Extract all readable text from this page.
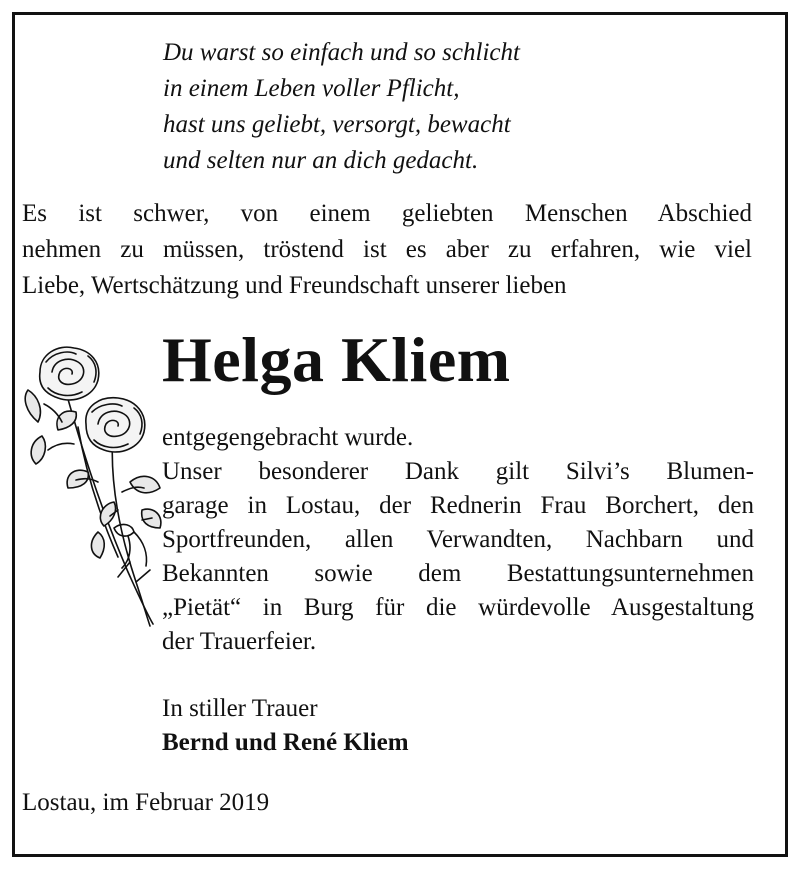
Du warst so einfach und so schlicht
in einem Leben voller Pflicht,
hast uns geliebt, versorgt, bewacht
und selten nur an dich gedacht.
Es ist schwer, von einem geliebten Menschen Abschied
nehmen zu müssen, tröstend ist es aber zu erfahren, wie viel
Liebe, Wertschätzung und Freundschaft unserer lieben
Helga Kliem
entgegengebracht wurde.
Unser besonderer Dank gilt Silvi’s Blumen-
garage in Lostau, der Rednerin Frau Borchert, den
Sportfreunden, allen Verwandten, Nachbarn und
Bekannten sowie dem Bestattungsunternehmen
„Pietät“ in Burg für die würdevolle Ausgestaltung
der Trauerfeier.
In stiller Trauer
Bernd und René Kliem
Lostau, im Februar 2019
